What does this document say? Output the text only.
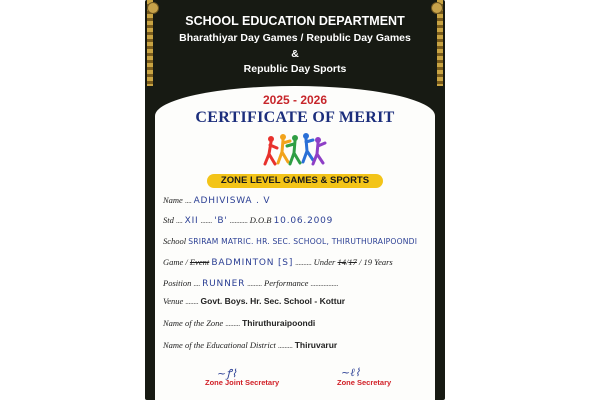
SCHOOL EDUCATION DEPARTMENT
Bharathiyar Day Games / Republic Day Games
&
Republic Day Sports
2025 - 2026
CERTIFICATE OF MERIT
ZONE LEVEL GAMES & SPORTS
Name .... ADHIVISWA . V
Std .... XII ....... 'B' ........... D.O.B 10.06.2009
School SRIRAM MATRIC. HR. SEC. SCHOOL, THIRUTHURAIPOONDI
Game / Event BADMINTON [S] .......... Under 14/17 / 19 Years
Position .... RUNNER ......... Performance .................
Venue ........ Govt. Boys. Hr. Sec. School - Kottur
Name of the Zone ......... Thiruthuraipoondi
Name of the Educational District ......... Thiruvarur
~ꝭ⌇	~ℓ⌇
Zone Joint Secretary	Zone Secretary
